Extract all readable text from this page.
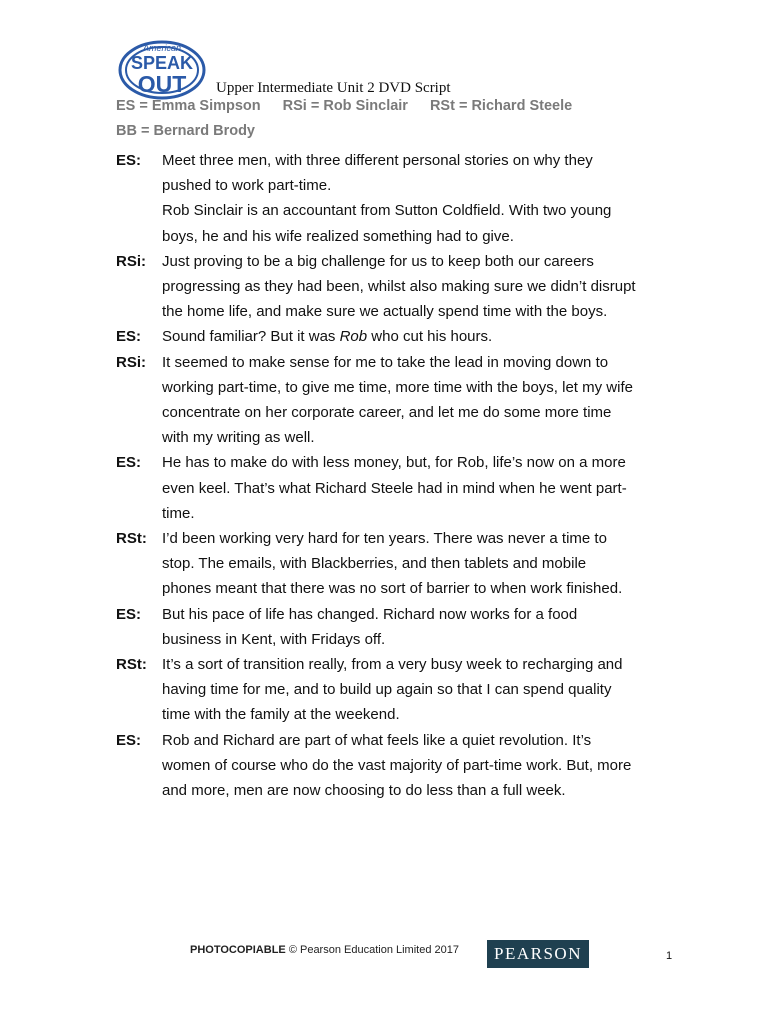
American
SPEAK
OUT Upper Intermediate Unit 2 DVD Script
ES = Emma Simpson RSi = Rob Sinclair RSt = Richard Steele
BB = Bernard Brody
ES: Meet three men, with three different personal stories on why they
pushed to work part-time.
Rob Sinclair is an accountant from Sutton Coldfield. With two young
boys, he and his wife realized something had to give.
RSi: Just proving to be a big challenge for us to keep both our careers
progressing as they had been, whilst also making sure we didn’t disrupt
the home life, and make sure we actually spend time with the boys.
ES: Sound familiar? But it was Rob who cut his hours.
RSi: It seemed to make sense for me to take the lead in moving down to
working part-time, to give me time, more time with the boys, let my wife
concentrate on her corporate career, and let me do some more time
with my writing as well.
ES: He has to make do with less money, but, for Rob, life’s now on a more
even keel. That’s what Richard Steele had in mind when he went part-
time.
RSt: I’d been working very hard for ten years. There was never a time to
stop. The emails, with Blackberries, and then tablets and mobile
phones meant that there was no sort of barrier to when work finished.
ES: But his pace of life has changed. Richard now works for a food
business in Kent, with Fridays off.
RSt: It’s a sort of transition really, from a very busy week to recharging and
having time for me, and to build up again so that I can spend quality
time with the family at the weekend.
ES: Rob and Richard are part of what feels like a quiet revolution. It’s
women of course who do the vast majority of part-time work. But, more
and more, men are now choosing to do less than a full week.
PHOTOCOPIABLE © Pearson Education Limited 2017	PEARSON	1
